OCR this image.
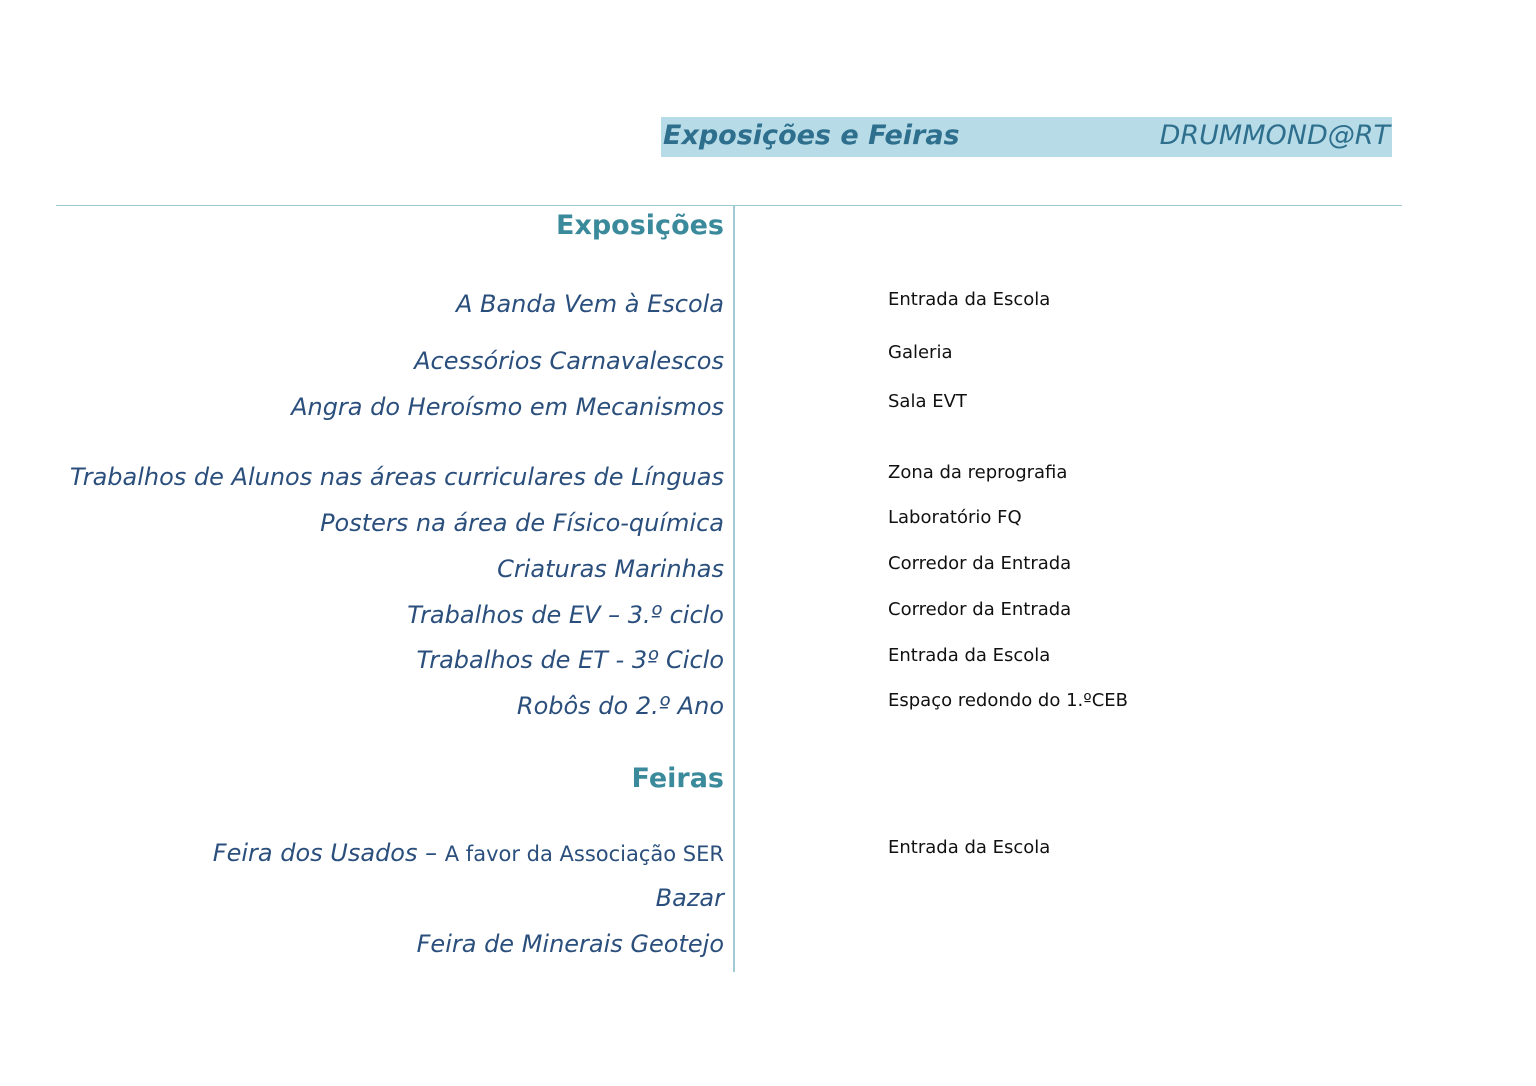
Exposições e Feiras	DRUMMOND@RT
Exposições
A Banda Vem à Escola	Entrada da Escola
Acessórios Carnavalescos	Galeria
Angra do Heroísmo em Mecanismos	Sala EVT
Trabalhos de Alunos nas áreas curriculares de Línguas	Zona da reprografia
Posters na área de Físico-química	Laboratório FQ
Criaturas Marinhas	Corredor da Entrada
Trabalhos de EV – 3.º ciclo	Corredor da Entrada
Trabalhos de ET - 3º Ciclo	Entrada da Escola
Robôs do 2.º Ano	Espaço redondo do 1.ºCEB
Feiras
Feira dos Usados – A favor da Associação SER	Entrada da Escola
Bazar
Feira de Minerais Geotejo
